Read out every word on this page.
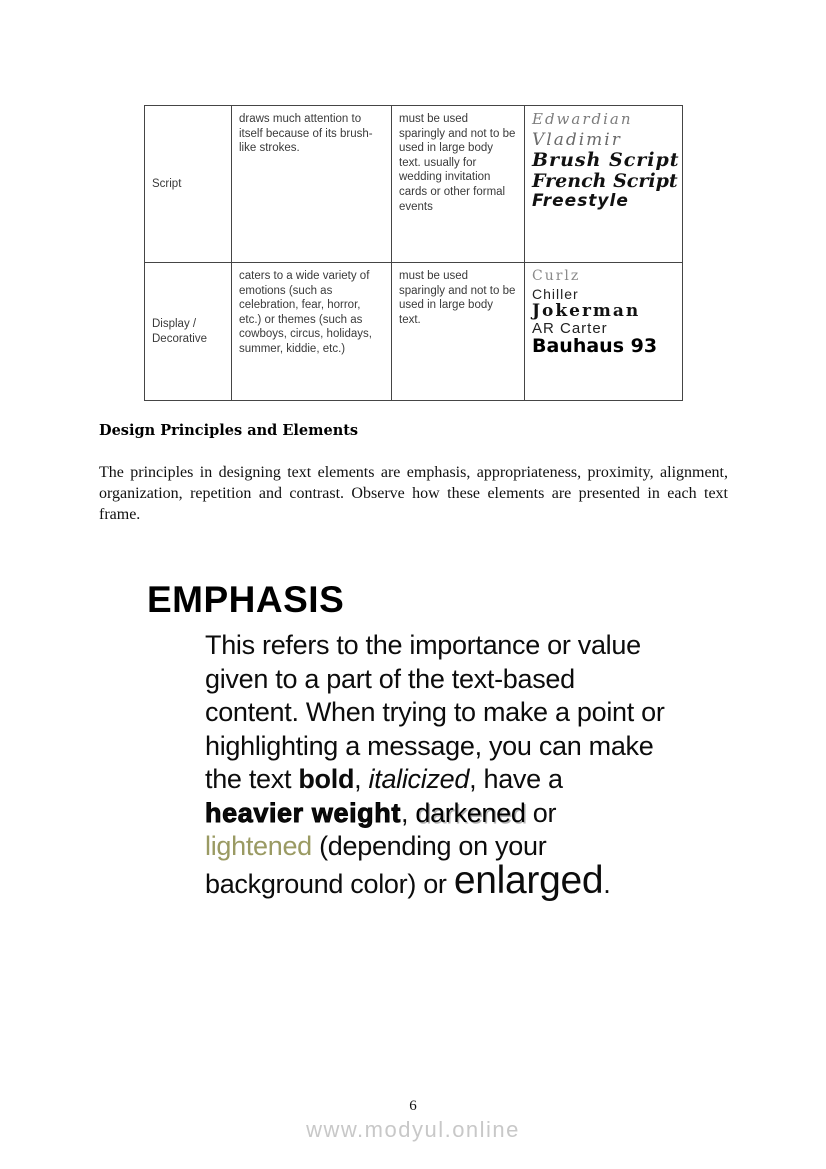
Script	draws much attention to itself because of its brush-like strokes.	must be used sparingly and not to be used in large body text. usually for wedding invitation cards or other formal events	Edwardian
Vladimir
Brush Script
French Script
Freestyle

Display / Decorative	caters to a wide variety of emotions (such as celebration, fear, horror, etc.) or themes (such as cowboys, circus, holidays, summer, kiddie, etc.)	must be used sparingly and not to be used in large body text.	Curlz
Chiller
Jokerman
AR Carter
Bauhaus 93
Design Principles and Elements

The principles in designing text elements are emphasis, appropriateness, proximity, alignment, organization, repetition and contrast. Observe how these elements are presented in each text frame.

EMPHASIS
This refers to the importance or value
given to a part of the text-based
content. When trying to make a point or
highlighting a message, you can make
the text bold, italicized, have a
heavier weight, darkened or
lightened (depending on your
background color) or enlarged.
6
www.modyul.online
